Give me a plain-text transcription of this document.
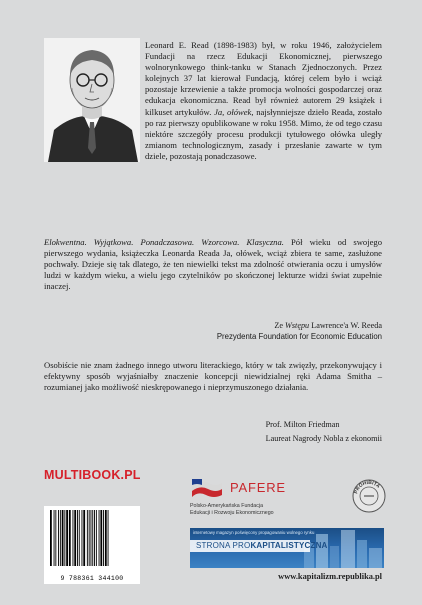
Leonard E. Read (1898-1983) był, w roku 1946, założycielem Fundacji na rzecz Edukacji Ekonomicznej, pierwszego wolnorynkowego think-tanku w Stanach Zjednoczonych. Przez kolejnych 37 lat kierował Fundacją, której celem było i wciąż pozostaje krzewienie a także promocja wolności gospodarczej oraz edukacja ekonomiczna. Read był również autorem 29 książek i kilkuset artykułów. Ja, ołówek, najsłynniejsze dzieło Reada, zostało po raz pierwszy opublikowane w roku 1958. Mimo, że od tego czasu niektóre szczegóły procesu produkcji tytułowego ołówka uległy zmianom technologicznym, zasady i przesłanie zawarte w tym dziele, pozostają ponadczasowe.

Elokwentna. Wyjątkowa. Ponadczasowa. Wzorcowa. Klasyczna. Pół wieku od swojego pierwszego wydania, książeczka Leonarda Reada Ja, ołówek, wciąż zbiera te same, zasłużone pochwały. Dzieje się tak dlatego, że ten niewielki tekst ma zdolność otwierania oczu i umysłów ludzi w każdym wieku, a wielu jego czytelników po skończonej lekturze widzi świat zupełnie inaczej.
Ze Wstępu Lawrence'a W. Reeda
Prezydenta Foundation for Economic Education
Osobiście nie znam żadnego innego utworu literackiego, który w tak zwięzły, przekonywujący i efektywny sposób wyjaśniałby znaczenie koncepcji niewidzialnej ręki Adama Smitha – rozumianej jako możliwość nieskrępowanego i nieprzymuszonego działania.
Prof. Milton Friedman
Laureat Nagrody Nobla z ekonomii
MULTIBOOK.PL
9 788361 344100
PAFERE
Polsko-Amerykańska Fundacja
Edukacji i Rozwoju Ekonomicznego
PROHIBITA
internetowy magazyn poświęcony propagowaniu wolnego rynku
STRONA PROKAPITALISTYCZNA
www.kapitalizm.republika.pl
